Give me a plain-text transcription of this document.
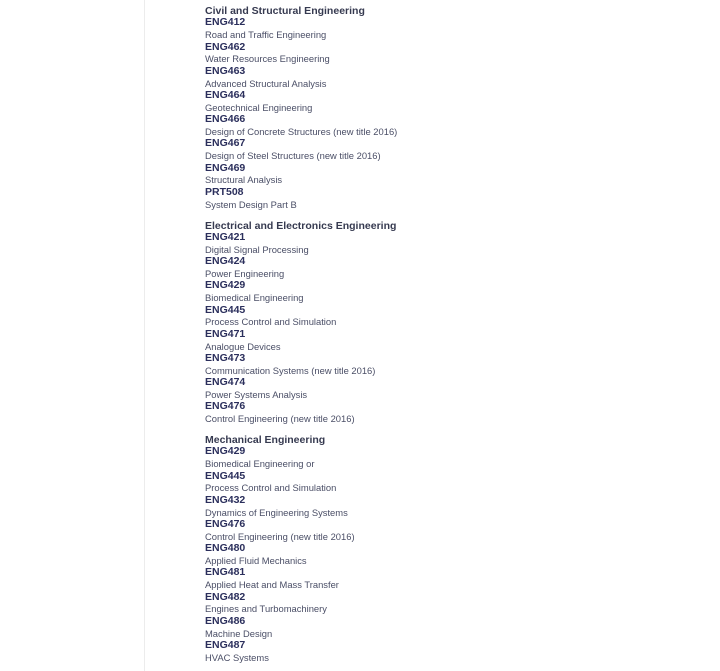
Civil and Structural Engineering
ENG412
Road and Traffic Engineering
ENG462
Water Resources Engineering
ENG463
Advanced Structural Analysis
ENG464
Geotechnical Engineering
ENG466
Design of Concrete Structures (new title 2016)
ENG467
Design of Steel Structures (new title 2016)
ENG469
Structural Analysis
PRT508
System Design Part B
Electrical and Electronics Engineering
ENG421
Digital Signal Processing
ENG424
Power Engineering
ENG429
Biomedical Engineering
ENG445
Process Control and Simulation
ENG471
Analogue Devices
ENG473
Communication Systems (new title 2016)
ENG474
Power Systems Analysis
ENG476
Control Engineering (new title 2016)
Mechanical Engineering
ENG429
Biomedical Engineering or
ENG445
Process Control and Simulation
ENG432
Dynamics of Engineering Systems
ENG476
Control Engineering (new title 2016)
ENG480
Applied Fluid Mechanics
ENG481
Applied Heat and Mass Transfer
ENG482
Engines and Turbomachinery
ENG486
Machine Design
ENG487
HVAC Systems
